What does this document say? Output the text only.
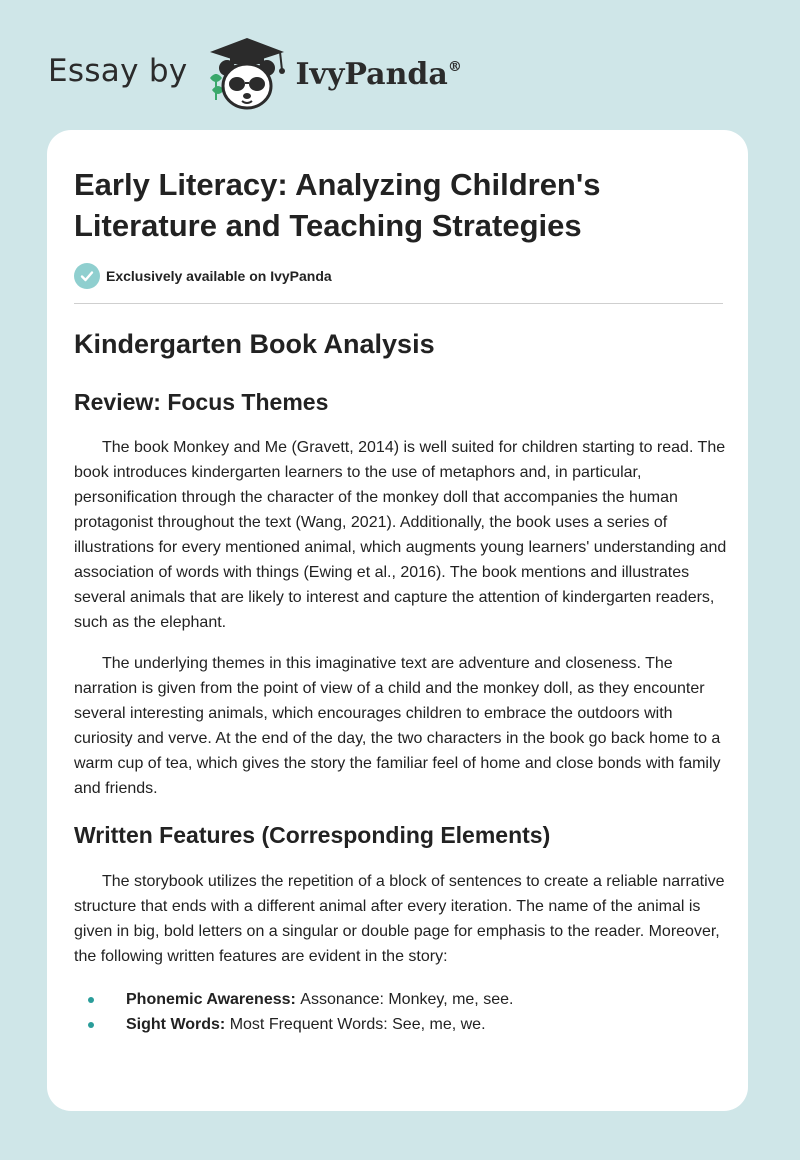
Essay by	IvyPanda®
Early Literacy: Analyzing Children's Literature and Teaching Strategies
Exclusively available on IvyPanda
Kindergarten Book Analysis
Review: Focus Themes

The book Monkey and Me (Gravett, 2014) is well suited for children starting to read. The book introduces kindergarten learners to the use of metaphors and, in particular, personification through the character of the monkey doll that accompanies the human protagonist throughout the text (Wang, 2021). Additionally, the book uses a series of illustrations for every mentioned animal, which augments young learners' understanding and association of words with things (Ewing et al., 2016). The book mentions and illustrates several animals that are likely to interest and capture the attention of kindergarten readers, such as the elephant.

The underlying themes in this imaginative text are adventure and closeness. The narration is given from the point of view of a child and the monkey doll, as they encounter several interesting animals, which encourages children to embrace the outdoors with curiosity and verve. At the end of the day, the two characters in the book go back home to a warm cup of tea, which gives the story the familiar feel of home and close bonds with family and friends.

Written Features (Corresponding Elements)

The storybook utilizes the repetition of a block of sentences to create a reliable narrative structure that ends with a different animal after every iteration. The name of the animal is given in big, bold letters on a singular or double page for emphasis to the reader. Moreover, the following written features are evident in the story:

Phonemic Awareness: Assonance: Monkey, me, see.
Sight Words: Most Frequent Words: See, me, we.
